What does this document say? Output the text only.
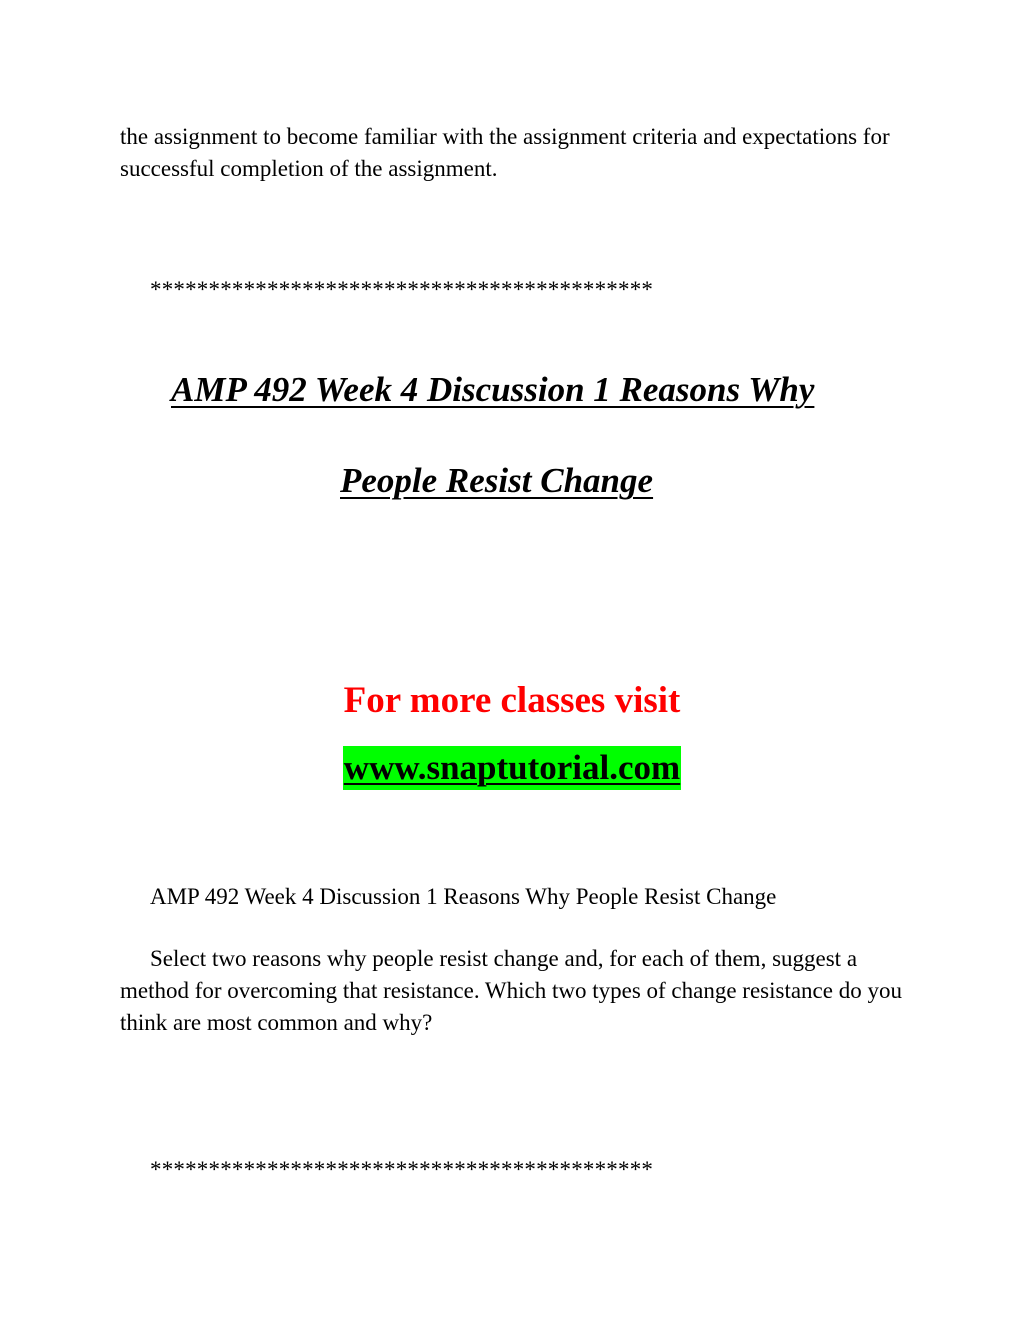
the assignment to become familiar with the assignment criteria and expectations for successful completion of the assignment.

*******************************************
AMP 492 Week 4 Discussion 1 Reasons Why
People Resist Change
For more classes visit
www.snaptutorial.com
AMP 492 Week 4 Discussion 1 Reasons Why People Resist Change

Select two reasons why people resist change and, for each of them, suggest a method for overcoming that resistance. Which two types of change resistance do you think are most common and why?

*******************************************
